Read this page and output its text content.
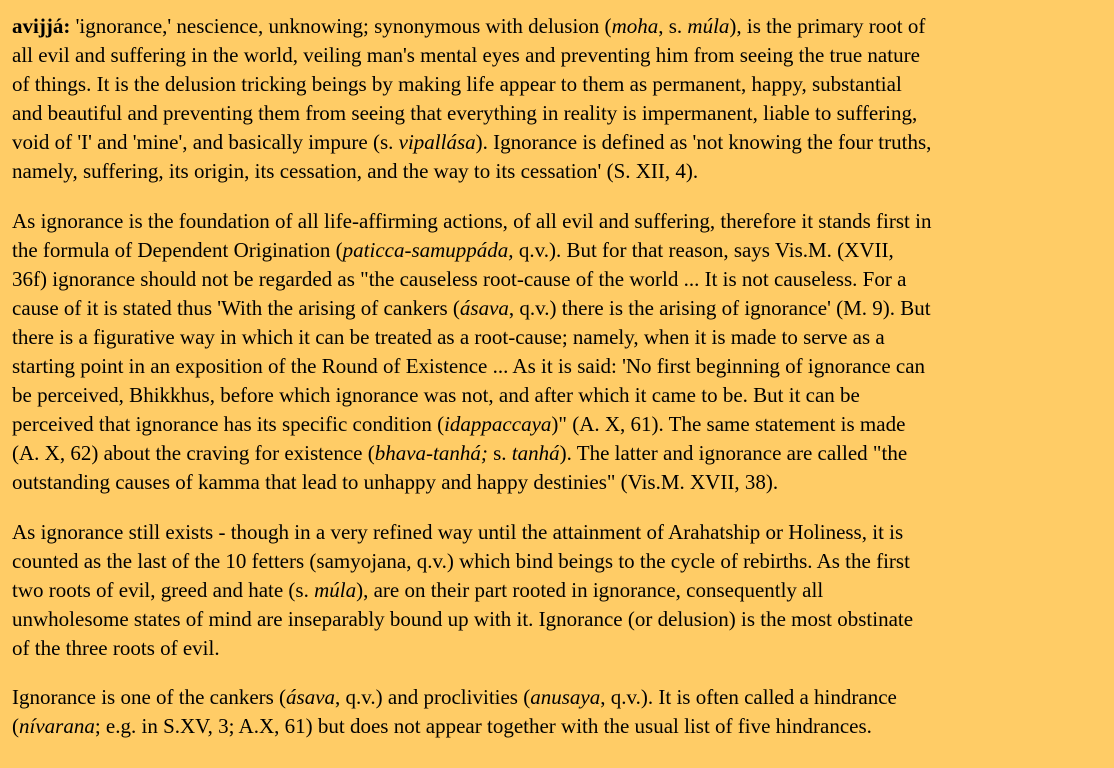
avijjá: 'ignorance,' nescience, unknowing; synonymous with delusion (moha, s. múla), is the primary root of
all evil and suffering in the world, veiling man's mental eyes and preventing him from seeing the true nature
of things. It is the delusion tricking beings by making life appear to them as permanent, happy, substantial
and beautiful and preventing them from seeing that everything in reality is impermanent, liable to suffering,
void of 'I' and 'mine', and basically impure (s. vipallása). Ignorance is defined as 'not knowing the four truths,
namely, suffering, its origin, its cessation, and the way to its cessation' (S. XII, 4).

As ignorance is the foundation of all life-affirming actions, of all evil and suffering, therefore it stands first in
the formula of Dependent Origination (paticca-samuppáda, q.v.). But for that reason, says Vis.M. (XVII,
36f) ignorance should not be regarded as "the causeless root-cause of the world ... It is not causeless. For a
cause of it is stated thus 'With the arising of cankers (ásava, q.v.) there is the arising of ignorance' (M. 9). But
there is a figurative way in which it can be treated as a root-cause; namely, when it is made to serve as a
starting point in an exposition of the Round of Existence ... As it is said: 'No first beginning of ignorance can
be perceived, Bhikkhus, before which ignorance was not, and after which it came to be. But it can be
perceived that ignorance has its specific condition (idappaccaya)" (A. X, 61). The same statement is made
(A. X, 62) about the craving for existence (bhava-tanhá; s. tanhá). The latter and ignorance are called "the
outstanding causes of kamma that lead to unhappy and happy destinies" (Vis.M. XVII, 38).

As ignorance still exists - though in a very refined way until the attainment of Arahatship or Holiness, it is
counted as the last of the 10 fetters (samyojana, q.v.) which bind beings to the cycle of rebirths. As the first
two roots of evil, greed and hate (s. múla), are on their part rooted in ignorance, consequently all
unwholesome states of mind are inseparably bound up with it. Ignorance (or delusion) is the most obstinate
of the three roots of evil.

Ignorance is one of the cankers (ásava, q.v.) and proclivities (anusaya, q.v.). It is often called a hindrance
(nívarana; e.g. in S.XV, 3; A.X, 61) but does not appear together with the usual list of five hindrances.
